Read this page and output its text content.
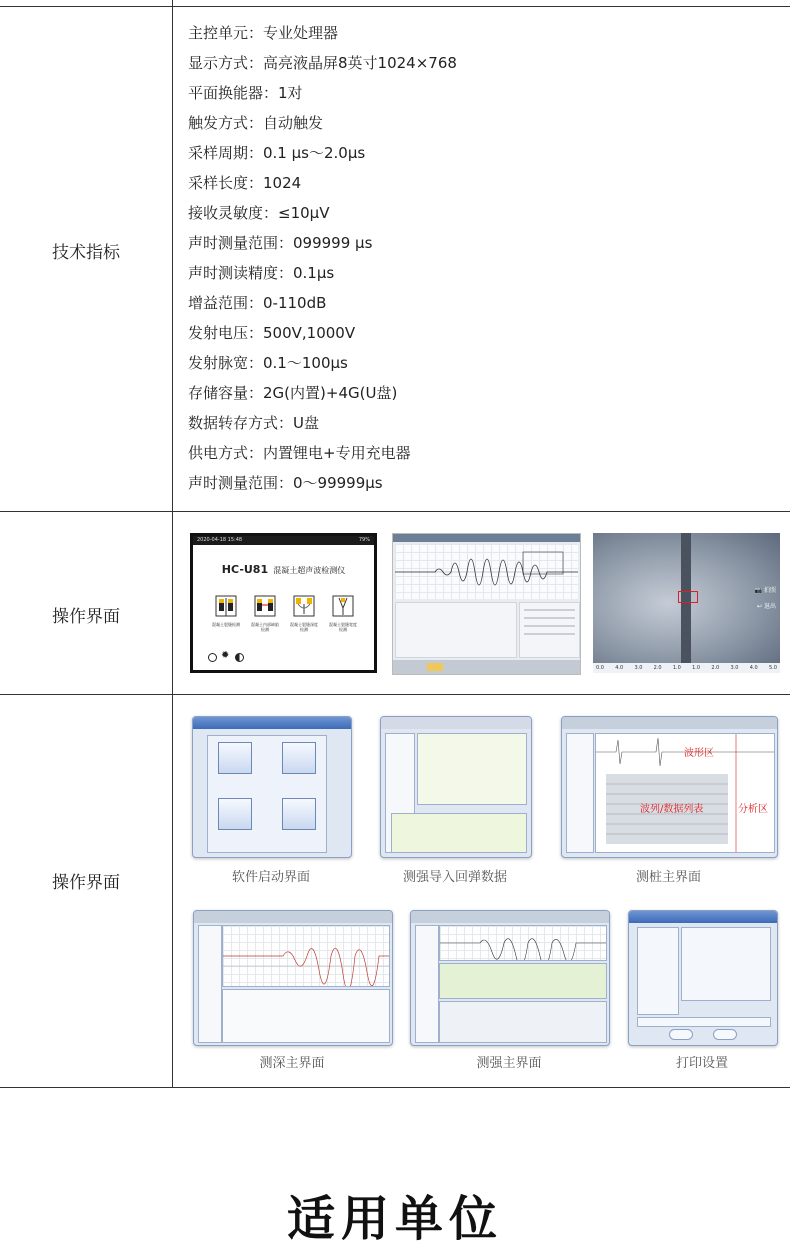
技术指标
主控单元：专业处理器
显示方式：高亮液晶屏8英寸1024×768
平面换能器：1对
触发方式：自动触发
采样周期：0.1 μs～2.0μs
采样长度：1024
接收灵敏度：≤10μV
声时测量范围：099999 μs
声时测读精度：0.1μs
增益范围：0-110dB
发射电压：500V,1000V
发射脉宽：0.1～100μs
存储容量：2G(内置)+4G(U盘)
数据转存方式：U盘
供电方式：内置锂电+专用充电器
声时测量范围：0～99999μs
操作界面
2020-04-18 15:48	79%
HC-U81 混凝土超声波检测仪
混凝土裂缝检测	混凝土内部缺陷检测
混凝土裂缝深度检测
混凝土裂缝宽度检测
✹
📷 拍照
↩ 退出
0.0 4.0 3.0 2.0 1.0 1.0 2.0 3.0 4.0 5.0
操作界面	软件启动界面	测强导入回弹数据
波形区
波列/数据列表	分析区
测桩主界面
测深主界面	测强主界面	打印设置
适用单位
